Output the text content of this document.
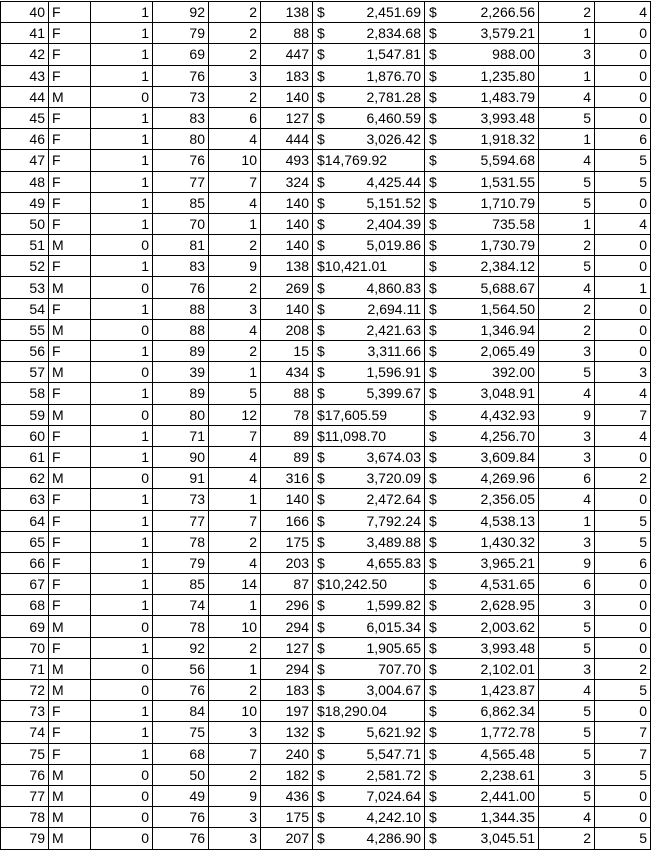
40	F	1	92	2	138	$ 2,451.69	$ 2,266.56	2	4
41	F	1	79	2	88	$ 2,834.68	$ 3,579.21	1	0
42	F	1	69	2	447	$ 1,547.81	$ 988.00	3	0
43	F	1	76	3	183	$ 1,876.70	$ 1,235.80	1	0
44	M	0	73	2	140	$ 2,781.28	$ 1,483.79	4	0
45	F	1	83	6	127	$ 6,460.59	$ 3,993.48	5	0
46	F	1	80	4	444	$ 3,026.42	$ 1,918.32	1	6
47	F	1	76	10	493	$14,769.92	$ 5,594.68	4	5
48	F	1	77	7	324	$ 4,425.44	$ 1,531.55	5	5
49	F	1	85	4	140	$ 5,151.52	$ 1,710.79	5	0
50	F	1	70	1	140	$ 2,404.39	$ 735.58	1	4
51	M	0	81	2	140	$ 5,019.86	$ 1,730.79	2	0
52	F	1	83	9	138	$10,421.01	$ 2,384.12	5	0
53	M	0	76	2	269	$ 4,860.83	$ 5,688.67	4	1
54	F	1	88	3	140	$ 2,694.11	$ 1,564.50	2	0
55	M	0	88	4	208	$ 2,421.63	$ 1,346.94	2	0
56	F	1	89	2	15	$ 3,311.66	$ 2,065.49	3	0
57	M	0	39	1	434	$ 1,596.91	$ 392.00	5	3
58	F	1	89	5	88	$ 5,399.67	$ 3,048.91	4	4
59	M	0	80	12	78	$17,605.59	$ 4,432.93	9	7
60	F	1	71	7	89	$11,098.70	$ 4,256.70	3	4
61	F	1	90	4	89	$ 3,674.03	$ 3,609.84	3	0
62	M	0	91	4	316	$ 3,720.09	$ 4,269.96	6	2
63	F	1	73	1	140	$ 2,472.64	$ 2,356.05	4	0
64	F	1	77	7	166	$ 7,792.24	$ 4,538.13	1	5
65	F	1	78	2	175	$ 3,489.88	$ 1,430.32	3	5
66	F	1	79	4	203	$ 4,655.83	$ 3,965.21	9	6
67	F	1	85	14	87	$10,242.50	$ 4,531.65	6	0
68	F	1	74	1	296	$ 1,599.82	$ 2,628.95	3	0
69	M	0	78	10	294	$ 6,015.34	$ 2,003.62	5	0
70	F	1	92	2	127	$ 1,905.65	$ 3,993.48	5	0
71	M	0	56	1	294	$ 707.70	$ 2,102.01	3	2
72	M	0	76	2	183	$ 3,004.67	$ 1,423.87	4	5
73	F	1	84	10	197	$18,290.04	$ 6,862.34	5	0
74	F	1	75	3	132	$ 5,621.92	$ 1,772.78	5	7
75	F	1	68	7	240	$ 5,547.71	$ 4,565.48	5	7
76	M	0	50	2	182	$ 2,581.72	$ 2,238.61	3	5
77	M	0	49	9	436	$ 7,024.64	$ 2,441.00	5	0
78	M	0	76	3	175	$ 4,242.10	$ 1,344.35	4	0
79	M	0	76	3	207	$ 4,286.90	$ 3,045.51	2	5
